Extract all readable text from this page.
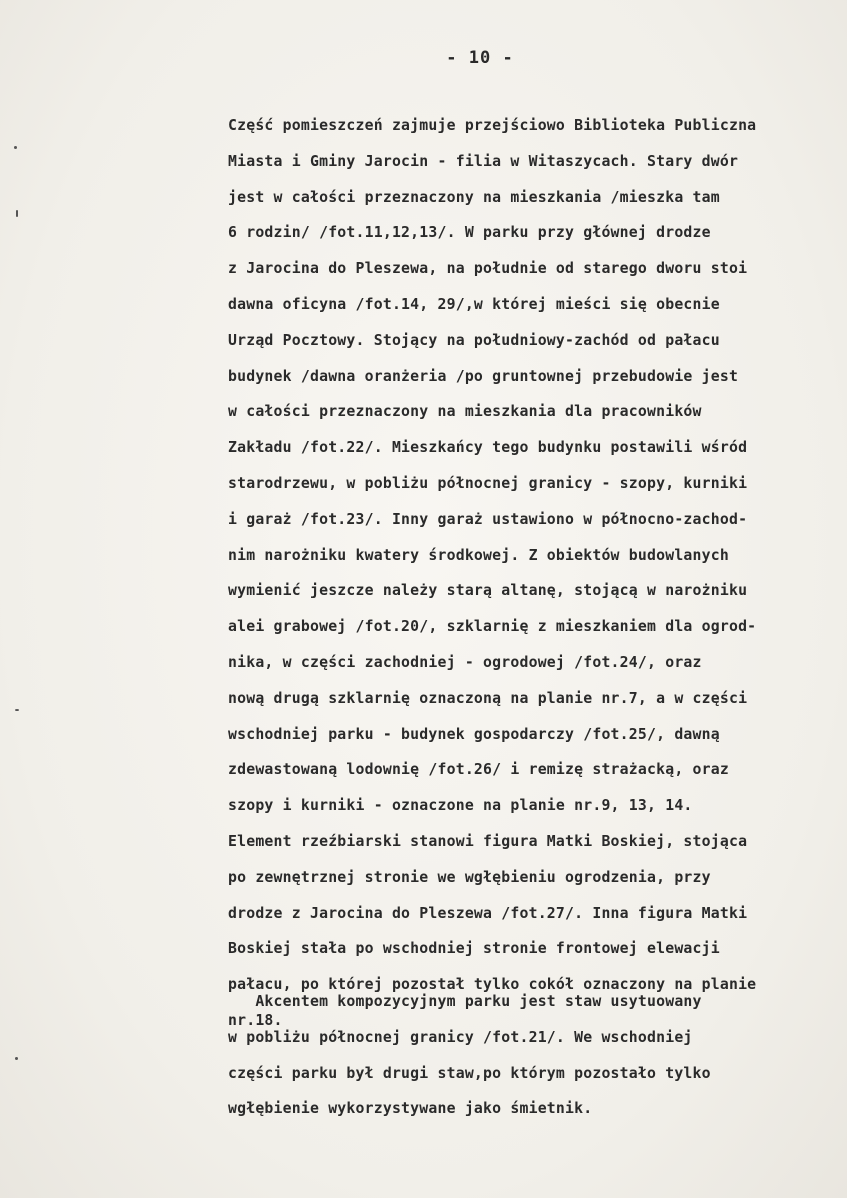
- 10 -
Część pomieszczeń zajmuje przejściowo Biblioteka Publiczna
Miasta i Gminy Jarocin - filia w Witaszycach. Stary dwór
jest w całości przeznaczony na mieszkania /mieszka tam
6 rodzin/ /fot.11,12,13/. W parku przy głównej drodze
z Jarocina do Pleszewa, na południe od starego dworu stoi
dawna oficyna /fot.14, 29/,w której mieści się obecnie
Urząd Pocztowy. Stojący na południowy-zachód od pałacu
budynek /dawna oranżeria /po gruntownej przebudowie jest
w całości przeznaczony na mieszkania dla pracowników
Zakładu /fot.22/. Mieszkańcy tego budynku postawili wśród
starodrzewu, w pobliżu północnej granicy - szopy, kurniki
i garaż /fot.23/. Inny garaż ustawiono w północno-zachod-
nim narożniku kwatery środkowej. Z obiektów budowlanych
wymienić jeszcze należy starą altanę, stojącą w narożniku
alei grabowej /fot.20/, szklarnię z mieszkaniem dla ogrod-
nika, w części zachodniej - ogrodowej /fot.24/, oraz
nową drugą szklarnię oznaczoną na planie nr.7, a w części
wschodniej parku - budynek gospodarczy /fot.25/, dawną
zdewastowaną lodownię /fot.26/ i remizę strażacką, oraz
szopy i kurniki - oznaczone na planie nr.9, 13, 14.
Element rzeźbiarski stanowi figura Matki Boskiej, stojąca
po zewnętrznej stronie we wgłębieniu ogrodzenia, przy
drodze z Jarocina do Pleszewa /fot.27/. Inna figura Matki
Boskiej stała po wschodniej stronie frontowej elewacji
pałacu, po której pozostał tylko cokół oznaczony na planie
nr.18.
Akcentem kompozycyjnym parku jest staw usytuowany
w pobliżu północnej granicy /fot.21/. We wschodniej
części parku był drugi staw,po którym pozostało tylko
wgłębienie wykorzystywane jako śmietnik.
